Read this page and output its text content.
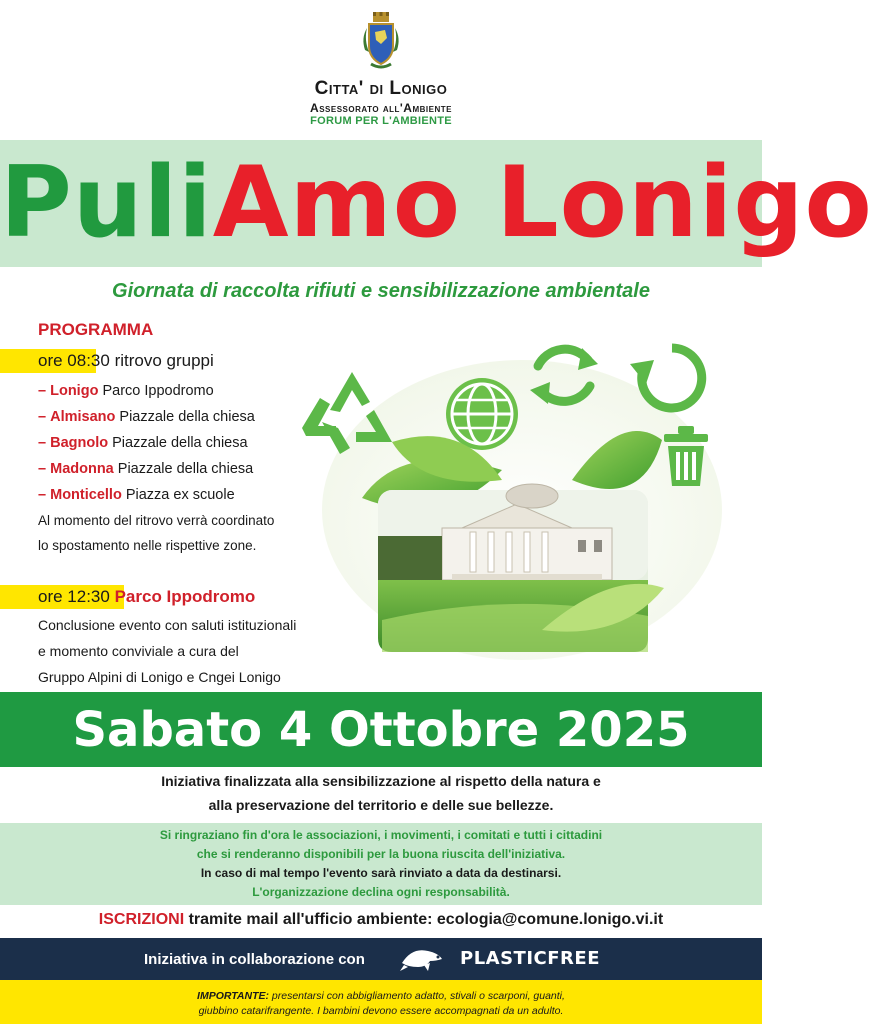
Citta' di Lonigo
Assessorato all'Ambiente
FORUM PER L'AMBIENTE
PuliAmo Lonigo
Giornata di raccolta rifiuti e sensibilizzazione ambientale
PROGRAMMA
ore 08:30 ritrovo gruppi
– Lonigo Parco Ippodromo
– Almisano Piazzale della chiesa
– Bagnolo Piazzale della chiesa
– Madonna Piazzale della chiesa
– Monticello Piazza ex scuole
Al momento del ritrovo verrà coordinato
lo spostamento nelle rispettive zone.
ore 12:30 Parco Ippodromo
Conclusione evento con saluti istituzionali
e momento conviviale a cura del
Gruppo Alpini di Lonigo e Cngei Lonigo
Sabato 4 Ottobre 2025
Iniziativa finalizzata alla sensibilizzazione al rispetto della natura e
alla preservazione del territorio e delle sue bellezze.
Si ringraziano fin d'ora le associazioni, i movimenti, i comitati e tutti i cittadini
che si renderanno disponibili per la buona riuscita dell'iniziativa.
In caso di mal tempo l'evento sarà rinviato a data da destinarsi.
L'organizzazione declina ogni responsabilità.
ISCRIZIONI tramite mail all'ufficio ambiente: ecologia@comune.lonigo.vi.it
Iniziativa in collaborazione con	PLASTICFREE
IMPORTANTE: presentarsi con abbigliamento adatto, stivali o scarponi, guanti,
giubbino catarifrangente. I bambini devono essere accompagnati da un adulto.
